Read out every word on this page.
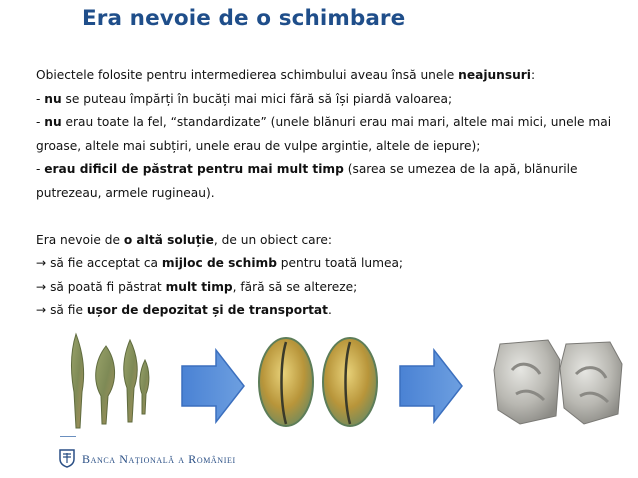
Era nevoie de o schimbare
Obiectele folosite pentru intermedierea schimbului aveau însă unele neajunsuri:
- nu se puteau împărți în bucăți mai mici fără să își piardă valoarea;
- nu erau toate la fel, “standardizate” (unele blănuri erau mai mari, altele mai mici, unele mai
groase, altele mai subțiri, unele erau de vulpe argintie, altele de iepure);
- erau dificil de păstrat pentru mai mult timp (sarea se umezea de la apă, blănurile
putrezeau, armele rugineau).
Era nevoie de o altă soluție, de un obiect care:
→ să fie acceptat ca mijloc de schimb pentru toată lumea;
→ să poată fi păstrat mult timp, fără să se altereze;
→ să fie ușor de depozitat și de transportat.
Banca Națională a României
